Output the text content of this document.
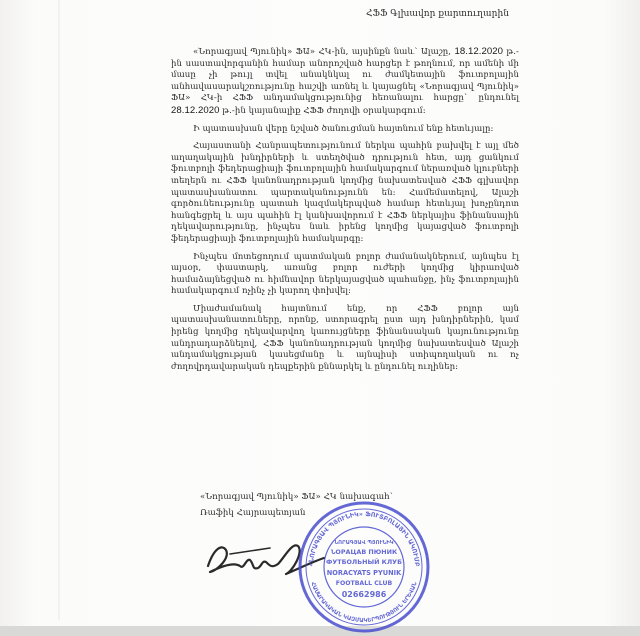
ՀՖՖ Գլխավոր քարտուղարին

«Նորագյավ Պյունիկ» ՖԱ» ՀԿ-ին, այսինքն նաև՝ Ալաշը, 18.12.2020 թ.-ին սաստավորգանին համար անորոշված հարցեր է թողնում, որ ամենի մի մասը չի թույլ տվել անակնկալ ու ժամկետային ֆուտբոլային անհավասարակշռությունը հաշվի առնել և կայացնել «Նորագյավ Պյունիկ» ՖԱ» ՀԿ-ի ՀՖՖ անդամակցությունից հեռանալու հարցը` ընդունել 28.12.2020 թ.-ին կայանալիք ՀՖՖ ժողովի օրակարգում:

Ի պատասխան վերը նշված ծանուցման հայտնում ենք հետևյալը:

Հայաստանի Հանրապետությունում ներկա պահին բախվել է այլ մեծ աղաղակային խնդիրների և ստեղծված դրություն հետ, այդ ցանկում ֆուտբոլի ֆեդերացիայի ֆուտբոլային համակարգում ներառված կլուբների տեղերն ու ՀՖՖ կանոնադրության կողմից նախատեսված ՀՖՖ գլխավոր պատասխանատու պարտականությունն են: Համեմատելով, Ալաշի գործունեությունը պատահ կազմակերպված համար հետևյալ խոչընդոտ հանգեցրել և այս պահին էլ կանխավորում է ՀՖՖ ներկայիս ֆինանսային դեկավարությունը, ինչպես նաև իրենց կողմից կայացված ֆուտբոլի ֆեդերացիայի ֆուտբոլային համակարգը:

Ինչպես մոտեցողում պատմական բոլոր ժամանակներում, այնպես էլ այսօր, փաստարկ, առանց բոլոր ուժերի կողմից կիրառված համաձայնեցված ու հիմնավոր ներկայացված պահանջը, ինչ ֆուտբոլային համակարգում ոչինչ չի կարող փոխվել:

Միաժամանակ հայտնում ենք, որ ՀՖՖ բոլոր այն պատասխանատուները, որոնք, ստորագրել ըստ այդ խնդիրներին, կամ իրենց կողմից ղեկավարվող կառույցները ֆինանսական կայունությունը անդրադարձնելով, ՀՖՖ կանոնադրության կողմից նախատեսված Ալաշի անդամակցության կասեցմանը և այնպիսի ստիպողական ու ոչ ժողովրդավարական դեպքերին քննարկել և ընդունել ուղիներ:

«Նորագյավ Պյունիկ» ՖԱ» ՀԿ նախագահ՝
Ռաֆիկ Հայրապետյան
«ՆՈՐԱԳՅԱՎ ՊՅՈՒՆԻԿ» ՖՈՒՏԲՈԼԱՅԻՆ ԱԿՈՒՄԲ
ՀԱՍԱՐԱԿԱԿԱՆ ԿԱԶՄԱԿԵՐՊՈՒԹՅՈՒՆ ԵՐԵՎԱՆ
ՆՈՐԱԳՅԱՎ ՊՅՈՒՆԻԿ
ՆОРАЦАВ ПЮНИК
ФУТБОЛЬНЫЙ КЛУБ
NORACYATS PYUNIK
FOOTBALL CLUB
02662986
